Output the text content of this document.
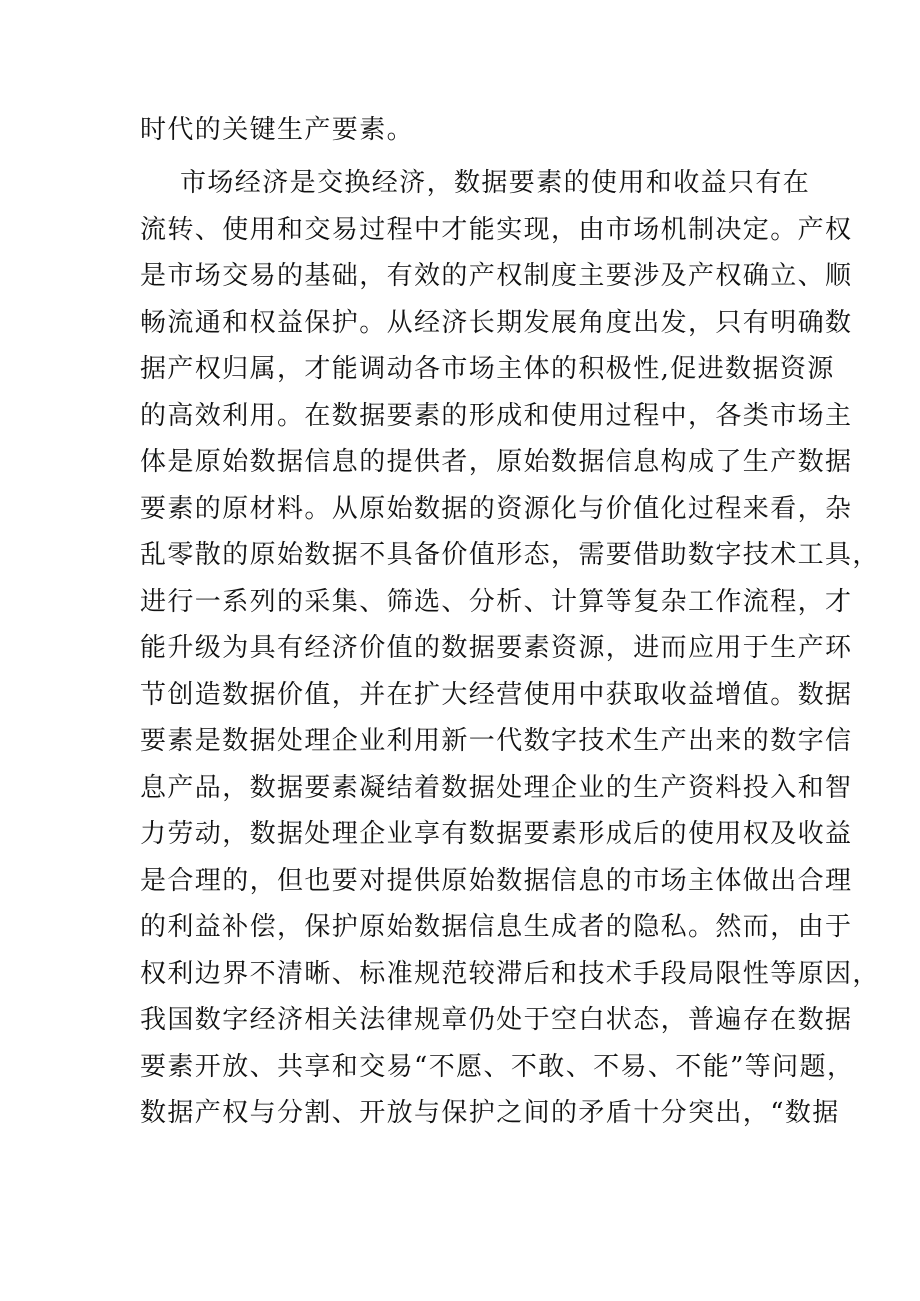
时代的关键生产要素。
市场经济是交换经济，数据要素的使用和收益只有在
流转、使用和交易过程中才能实现，由市场机制决定。产权
是市场交易的基础，有效的产权制度主要涉及产权确立、顺
畅流通和权益保护。从经济长期发展角度出发，只有明确数
据产权归属，才能调动各市场主体的积极性,促进数据资源
的高效利用。在数据要素的形成和使用过程中，各类市场主
体是原始数据信息的提供者，原始数据信息构成了生产数据
要素的原材料。从原始数据的资源化与价值化过程来看，杂
乱零散的原始数据不具备价值形态，需要借助数字技术工具，
进行一系列的采集、筛选、分析、计算等复杂工作流程，才
能升级为具有经济价值的数据要素资源，进而应用于生产环
节创造数据价值，并在扩大经营使用中获取收益增值。数据
要素是数据处理企业利用新一代数字技术生产出来的数字信
息产品，数据要素凝结着数据处理企业的生产资料投入和智
力劳动，数据处理企业享有数据要素形成后的使用权及收益
是合理的，但也要对提供原始数据信息的市场主体做出合理
的利益补偿，保护原始数据信息生成者的隐私。然而，由于
权利边界不清晰、标准规范较滞后和技术手段局限性等原因，
我国数字经济相关法律规章仍处于空白状态，普遍存在数据
要素开放、共享和交易“不愿、不敢、不易、不能”等问题，
数据产权与分割、开放与保护之间的矛盾十分突出，“数据
